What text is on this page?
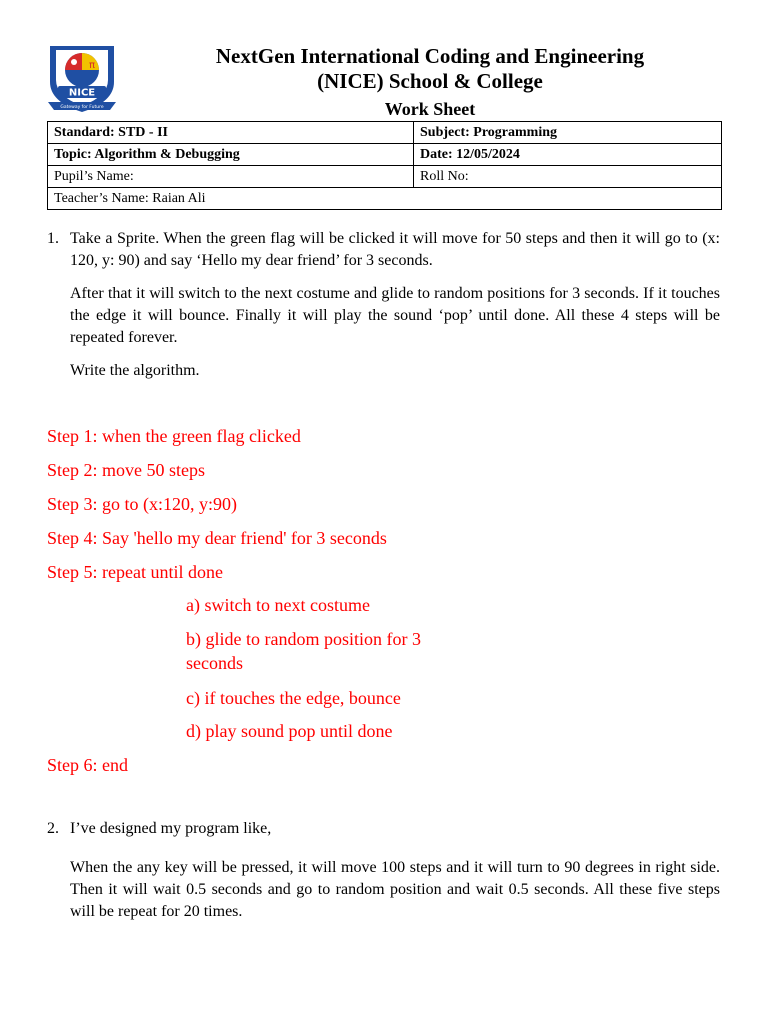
π
NICE
Gateway for Future
NextGen International Coding and Engineering
(NICE) School & College
Work Sheet
Standard: STD - II	Subject: Programming
Topic: Algorithm & Debugging	Date: 12/05/2024
Pupil’s Name:	Roll No:
Teacher’s Name: Raian Ali	
1. Take a Sprite. When the green flag will be clicked it will move for 50 steps and then it will go to (x: 120, y: 90) and say ‘Hello my dear friend’ for 3 seconds.
After that it will switch to the next costume and glide to random positions for 3 seconds. If it touches the edge it will bounce. Finally it will play the sound ‘pop’ until done. All these 4 steps will be repeated forever.
Write the algorithm.
Step 1: when the green flag clicked
Step 2: move 50 steps
Step 3: go to (x:120, y:90)
Step 4: Say 'hello my dear friend' for 3 seconds
Step 5: repeat until done
a) switch to next costume
b) glide to random position for 3 seconds
c) if touches the edge, bounce
d) play sound pop until done
Step 6: end
2. I’ve designed my program like,
When the any key will be pressed, it will move 100 steps and it will turn to 90 degrees in right side. Then it will wait 0.5 seconds and go to random position and wait 0.5 seconds. All these five steps will be repeat for 20 times.
